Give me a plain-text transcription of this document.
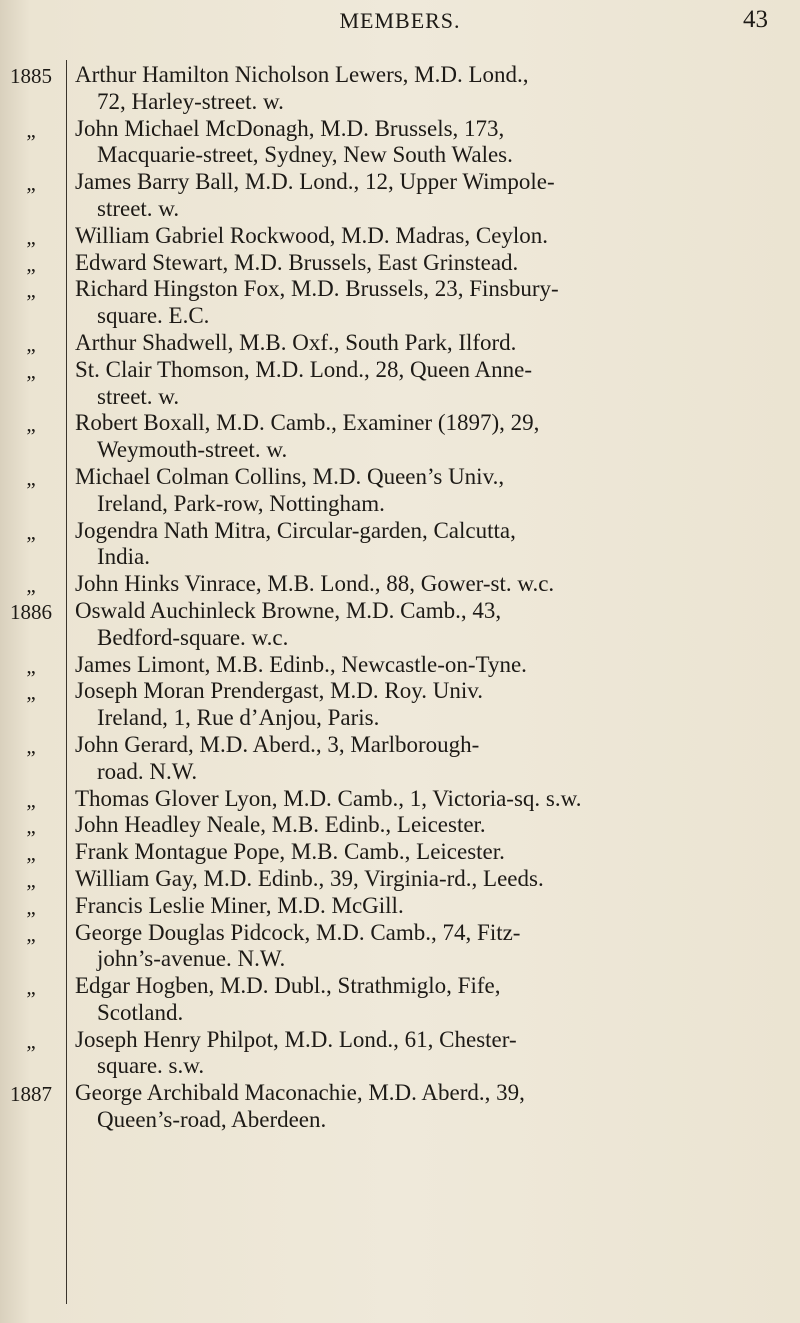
MEMBERS.	43
1885
„
„
„
„
„
„
„
„
„
„
„
1886
„
„
„
„
„
„
„
„
„
„
„
1887

Arthur Hamilton Nicholson Lewers, M.D. Lond.,
72, Harley-street. w.

John Michael McDonagh, M.D. Brussels, 173,
Macquarie-street, Sydney, New South Wales.

James Barry Ball, M.D. Lond., 12, Upper Wimpole-
street. w.

William Gabriel Rockwood, M.D. Madras, Ceylon.

Edward Stewart, M.D. Brussels, East Grinstead.

Richard Hingston Fox, M.D. Brussels, 23, Finsbury-
square. E.C.

Arthur Shadwell, M.B. Oxf., South Park, Ilford.

St. Clair Thomson, M.D. Lond., 28, Queen Anne-
street. w.

Robert Boxall, M.D. Camb., Examiner (1897), 29,
Weymouth-street. w.

Michael Colman Collins, M.D. Queen’s Univ.,
Ireland, Park-row, Nottingham.

Jogendra Nath Mitra, Circular-garden, Calcutta,
India.

John Hinks Vinrace, M.B. Lond., 88, Gower-st. w.c.

Oswald Auchinleck Browne, M.D. Camb., 43,
Bedford-square. w.c.

James Limont, M.B. Edinb., Newcastle-on-Tyne.

Joseph Moran Prendergast, M.D. Roy. Univ.
Ireland, 1, Rue d’Anjou, Paris.

John Gerard, M.D. Aberd., 3, Marlborough-
road. N.W.

Thomas Glover Lyon, M.D. Camb., 1, Victoria-sq. s.w.

John Headley Neale, M.B. Edinb., Leicester.

Frank Montague Pope, M.B. Camb., Leicester.

William Gay, M.D. Edinb., 39, Virginia-rd., Leeds.

Francis Leslie Miner, M.D. McGill.

George Douglas Pidcock, M.D. Camb., 74, Fitz-
john’s-avenue. N.W.

Edgar Hogben, M.D. Dubl., Strathmiglo, Fife,
Scotland.

Joseph Henry Philpot, M.D. Lond., 61, Chester-
square. s.w.

George Archibald Maconachie, M.D. Aberd., 39,
Queen’s-road, Aberdeen.
